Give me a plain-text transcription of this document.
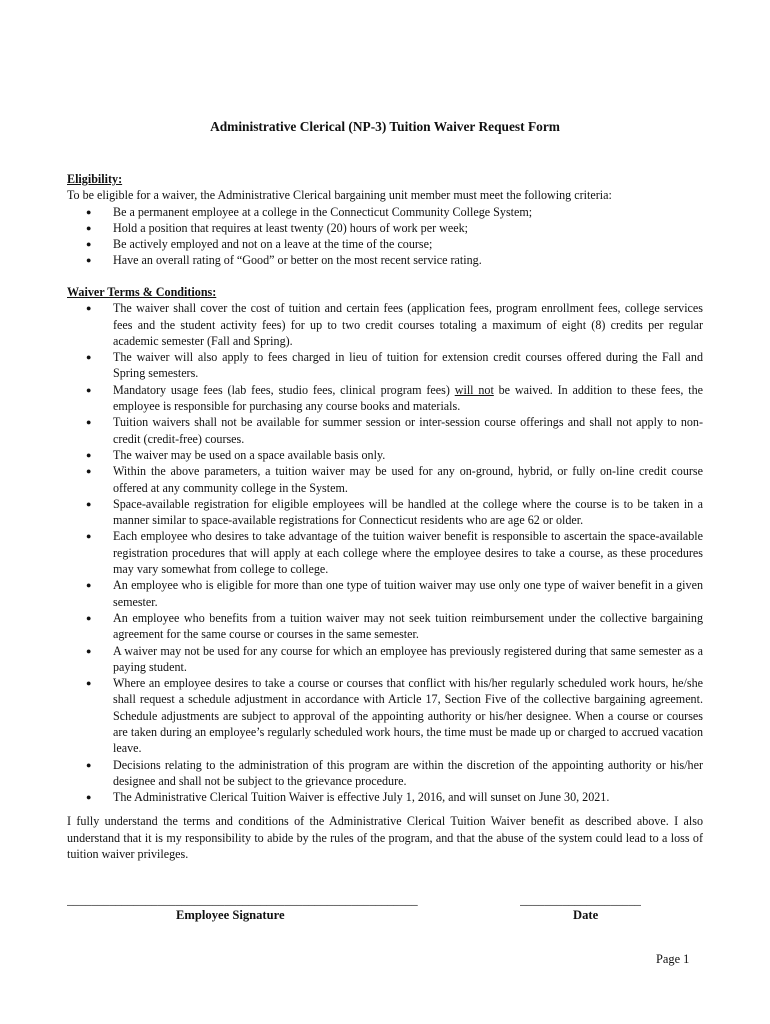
Administrative Clerical (NP-3) Tuition Waiver Request Form
Eligibility:
To be eligible for a waiver, the Administrative Clerical bargaining unit member must meet the following criteria:
● Be a permanent employee at a college in the Connecticut Community College System;
● Hold a position that requires at least twenty (20) hours of work per week;
● Be actively employed and not on a leave at the time of the course;
● Have an overall rating of “Good” or better on the most recent service rating.
Waiver Terms & Conditions:
● The waiver shall cover the cost of tuition and certain fees (application fees, program enrollment fees, college services fees and the student activity fees) for up to two credit courses totaling a maximum of eight (8) credits per regular academic semester (Fall and Spring).
● The waiver will also apply to fees charged in lieu of tuition for extension credit courses offered during the Fall and Spring semesters.
● Mandatory usage fees (lab fees, studio fees, clinical program fees) will not be waived. In addition to these fees, the employee is responsible for purchasing any course books and materials.
● Tuition waivers shall not be available for summer session or inter-session course offerings and shall not apply to non-credit (credit-free) courses.
● The waiver may be used on a space available basis only.
● Within the above parameters, a tuition waiver may be used for any on-ground, hybrid, or fully on-line credit course offered at any community college in the System.
● Space-available registration for eligible employees will be handled at the college where the course is to be taken in a manner similar to space-available registrations for Connecticut residents who are age 62 or older.
● Each employee who desires to take advantage of the tuition waiver benefit is responsible to ascertain the space-available registration procedures that will apply at each college where the employee desires to take a course, as these procedures may vary somewhat from college to college.
● An employee who is eligible for more than one type of tuition waiver may use only one type of waiver benefit in a given semester.
● An employee who benefits from a tuition waiver may not seek tuition reimbursement under the collective bargaining agreement for the same course or courses in the same semester.
● A waiver may not be used for any course for which an employee has previously registered during that same semester as a paying student.
● Where an employee desires to take a course or courses that conflict with his/her regularly scheduled work hours, he/she shall request a schedule adjustment in accordance with Article 17, Section Five of the collective bargaining agreement. Schedule adjustments are subject to approval of the appointing authority or his/her designee. When a course or courses are taken during an employee’s regularly scheduled work hours, the time must be made up or charged to accrued vacation leave.
● Decisions relating to the administration of this program are within the discretion of the appointing authority or his/her designee and shall not be subject to the grievance procedure.
● The Administrative Clerical Tuition Waiver is effective July 1, 2016, and will sunset on June 30, 2021.
I fully understand the terms and conditions of the Administrative Clerical Tuition Waiver benefit as described above. I also understand that it is my responsibility to abide by the rules of the program, and that the abuse of the system could lead to a loss of tuition waiver privileges.
__________________________________________________________	____________________
Employee Signature	Date
Page 1
